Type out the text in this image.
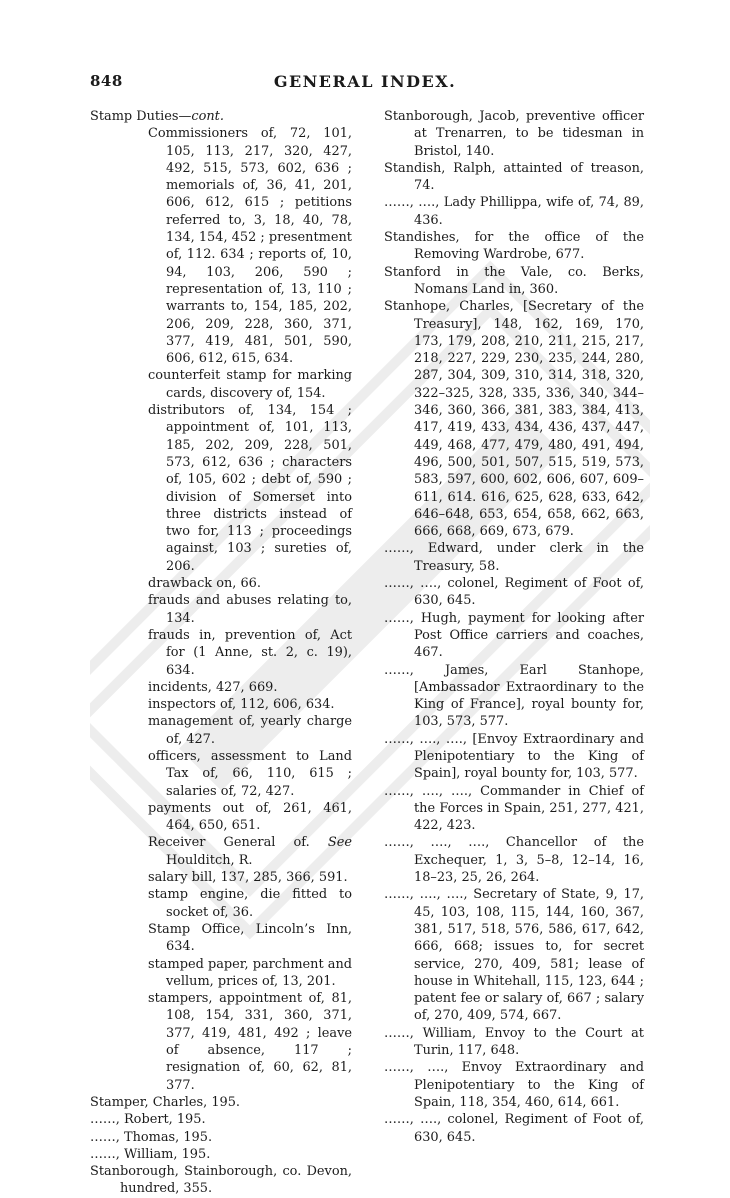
848	GENERAL INDEX.

Stamp Duties—cont.

Commissioners of, 72, 101, 105, 113, 217, 320, 427, 492, 515, 573, 602, 636 ; memorials of, 36, 41, 201, 606, 612, 615 ; petitions referred to, 3, 18, 40, 78, 134, 154, 452 ; presentment of, 112. 634 ; reports of, 10, 94, 103, 206, 590 ; representation of, 13, 110 ; warrants to, 154, 185, 202, 206, 209, 228, 360, 371, 377, 419, 481, 501, 590, 606, 612, 615, 634.

counterfeit stamp for marking cards, discovery of, 154.

distributors of, 134, 154 ; appointment of, 101, 113, 185, 202, 209, 228, 501, 573, 612, 636 ; characters of, 105, 602 ; debt of, 590 ; division of Somerset into three districts instead of two for, 113 ; proceedings against, 103 ; sureties of, 206.

drawback on, 66.

frauds and abuses relating to, 134.

frauds in, prevention of, Act for (1 Anne, st. 2, c. 19), 634.

incidents, 427, 669.

inspectors of, 112, 606, 634.

management of, yearly charge of, 427.

officers, assessment to Land Tax of, 66, 110, 615 ; salaries of, 72, 427.

payments out of, 261, 461, 464, 650, 651.

Receiver General of. See Houlditch, R.

salary bill, 137, 285, 366, 591.

stamp engine, die fitted to socket of, 36.

Stamp Office, Lincoln’s Inn, 634.

stamped paper, parchment and vellum, prices of, 13, 201.

stampers, appointment of, 81, 108, 154, 331, 360, 371, 377, 419, 481, 492 ; leave of absence, 117 ; resignation of, 60, 62, 81, 377.

Stamper, Charles, 195.

……, Robert, 195.

……, Thomas, 195.

……, William, 195.

Stanborough, Stainborough, co. Devon, hundred, 355.

Stanborough, Jacob, preventive officer at Trenarren, to be tidesman in Bristol, 140.

Standish, Ralph, attainted of treason, 74.

……, …., Lady Phillippa, wife of, 74, 89, 436.

Standishes, for the office of the Removing Wardrobe, 677.

Stanford in the Vale, co. Berks, Nomans Land in, 360.

Stanhope, Charles, [Secretary of the Treasury], 148, 162, 169, 170, 173, 179, 208, 210, 211, 215, 217, 218, 227, 229, 230, 235, 244, 280, 287, 304, 309, 310, 314, 318, 320, 322–325, 328, 335, 336, 340, 344–346, 360, 366, 381, 383, 384, 413, 417, 419, 433, 434, 436, 437, 447, 449, 468, 477, 479, 480, 491, 494, 496, 500, 501, 507, 515, 519, 573, 583, 597, 600, 602, 606, 607, 609–611, 614. 616, 625, 628, 633, 642, 646–648, 653, 654, 658, 662, 663, 666, 668, 669, 673, 679.

……, Edward, under clerk in the Treasury, 58.

……, …., colonel, Regiment of Foot of, 630, 645.

……, Hugh, payment for looking after Post Office carriers and coaches, 467.

……, James, Earl Stanhope, [Ambassador Extraordinary to the King of France], royal bounty for, 103, 573, 577.

……, …., …., [Envoy Extraordinary and Plenipotentiary to the King of Spain], royal bounty for, 103, 577.

……, …., …., Commander in Chief of the Forces in Spain, 251, 277, 421, 422, 423.

……, …., …., Chancellor of the Exchequer, 1, 3, 5–8, 12–14, 16, 18–23, 25, 26, 264.

……, …., …., Secretary of State, 9, 17, 45, 103, 108, 115, 144, 160, 367, 381, 517, 518, 576, 586, 617, 642, 666, 668; issues to, for secret service, 270, 409, 581; lease of house in Whitehall, 115, 123, 644 ; patent fee or salary of, 667 ; salary of, 270, 409, 574, 667.

……, William, Envoy to the Court at Turin, 117, 648.

……, …., Envoy Extraordinary and Plenipotentiary to the King of Spain, 118, 354, 460, 614, 661.

……, …., colonel, Regiment of Foot of, 630, 645.
